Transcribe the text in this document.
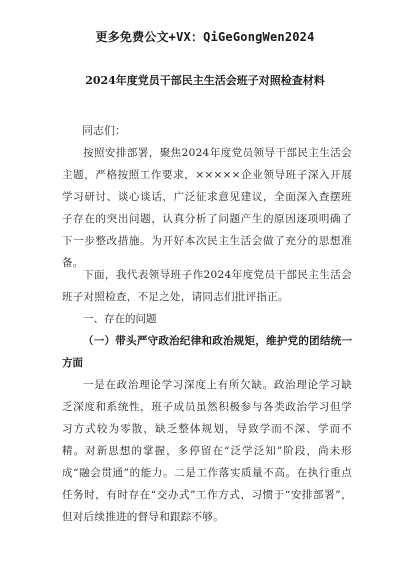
更多免费公文+VX：QiGeGongWen2024
2024年度党员干部民主生活会班子对照检查材料
同志们：
按照安排部署，聚焦2024年度党员领导干部民主生活会主题，严格按照工作要求，×××××企业领导班子深入开展学习研讨、谈心谈话，广泛征求意见建议，全面深入查摆班子存在的突出问题，认真分析了问题产生的原因逐项明确了下一步整改措施。为开好本次民主生活会做了充分的思想准备。
下面，我代表领导班子作2024年度党员干部民主生活会班子对照检查，不足之处，请同志们批评指正。
一、存在的问题
（一）带头严守政治纪律和政治规矩，维护党的团结统一方面
一是在政治理论学习深度上有所欠缺。政治理论学习缺乏深度和系统性，班子成员虽然积极参与各类政治学习但学习方式较为零散，缺乏整体规划，导致学而不深、学而不精。对新思想的掌握，多停留在“泛学泛知”阶段，尚未形成“融会贯通”的能力。二是工作落实质量不高。在执行重点任务时，有时存在“交办式”工作方式，习惯于“安排部署”，但对后续推进的督导和跟踪不够。
